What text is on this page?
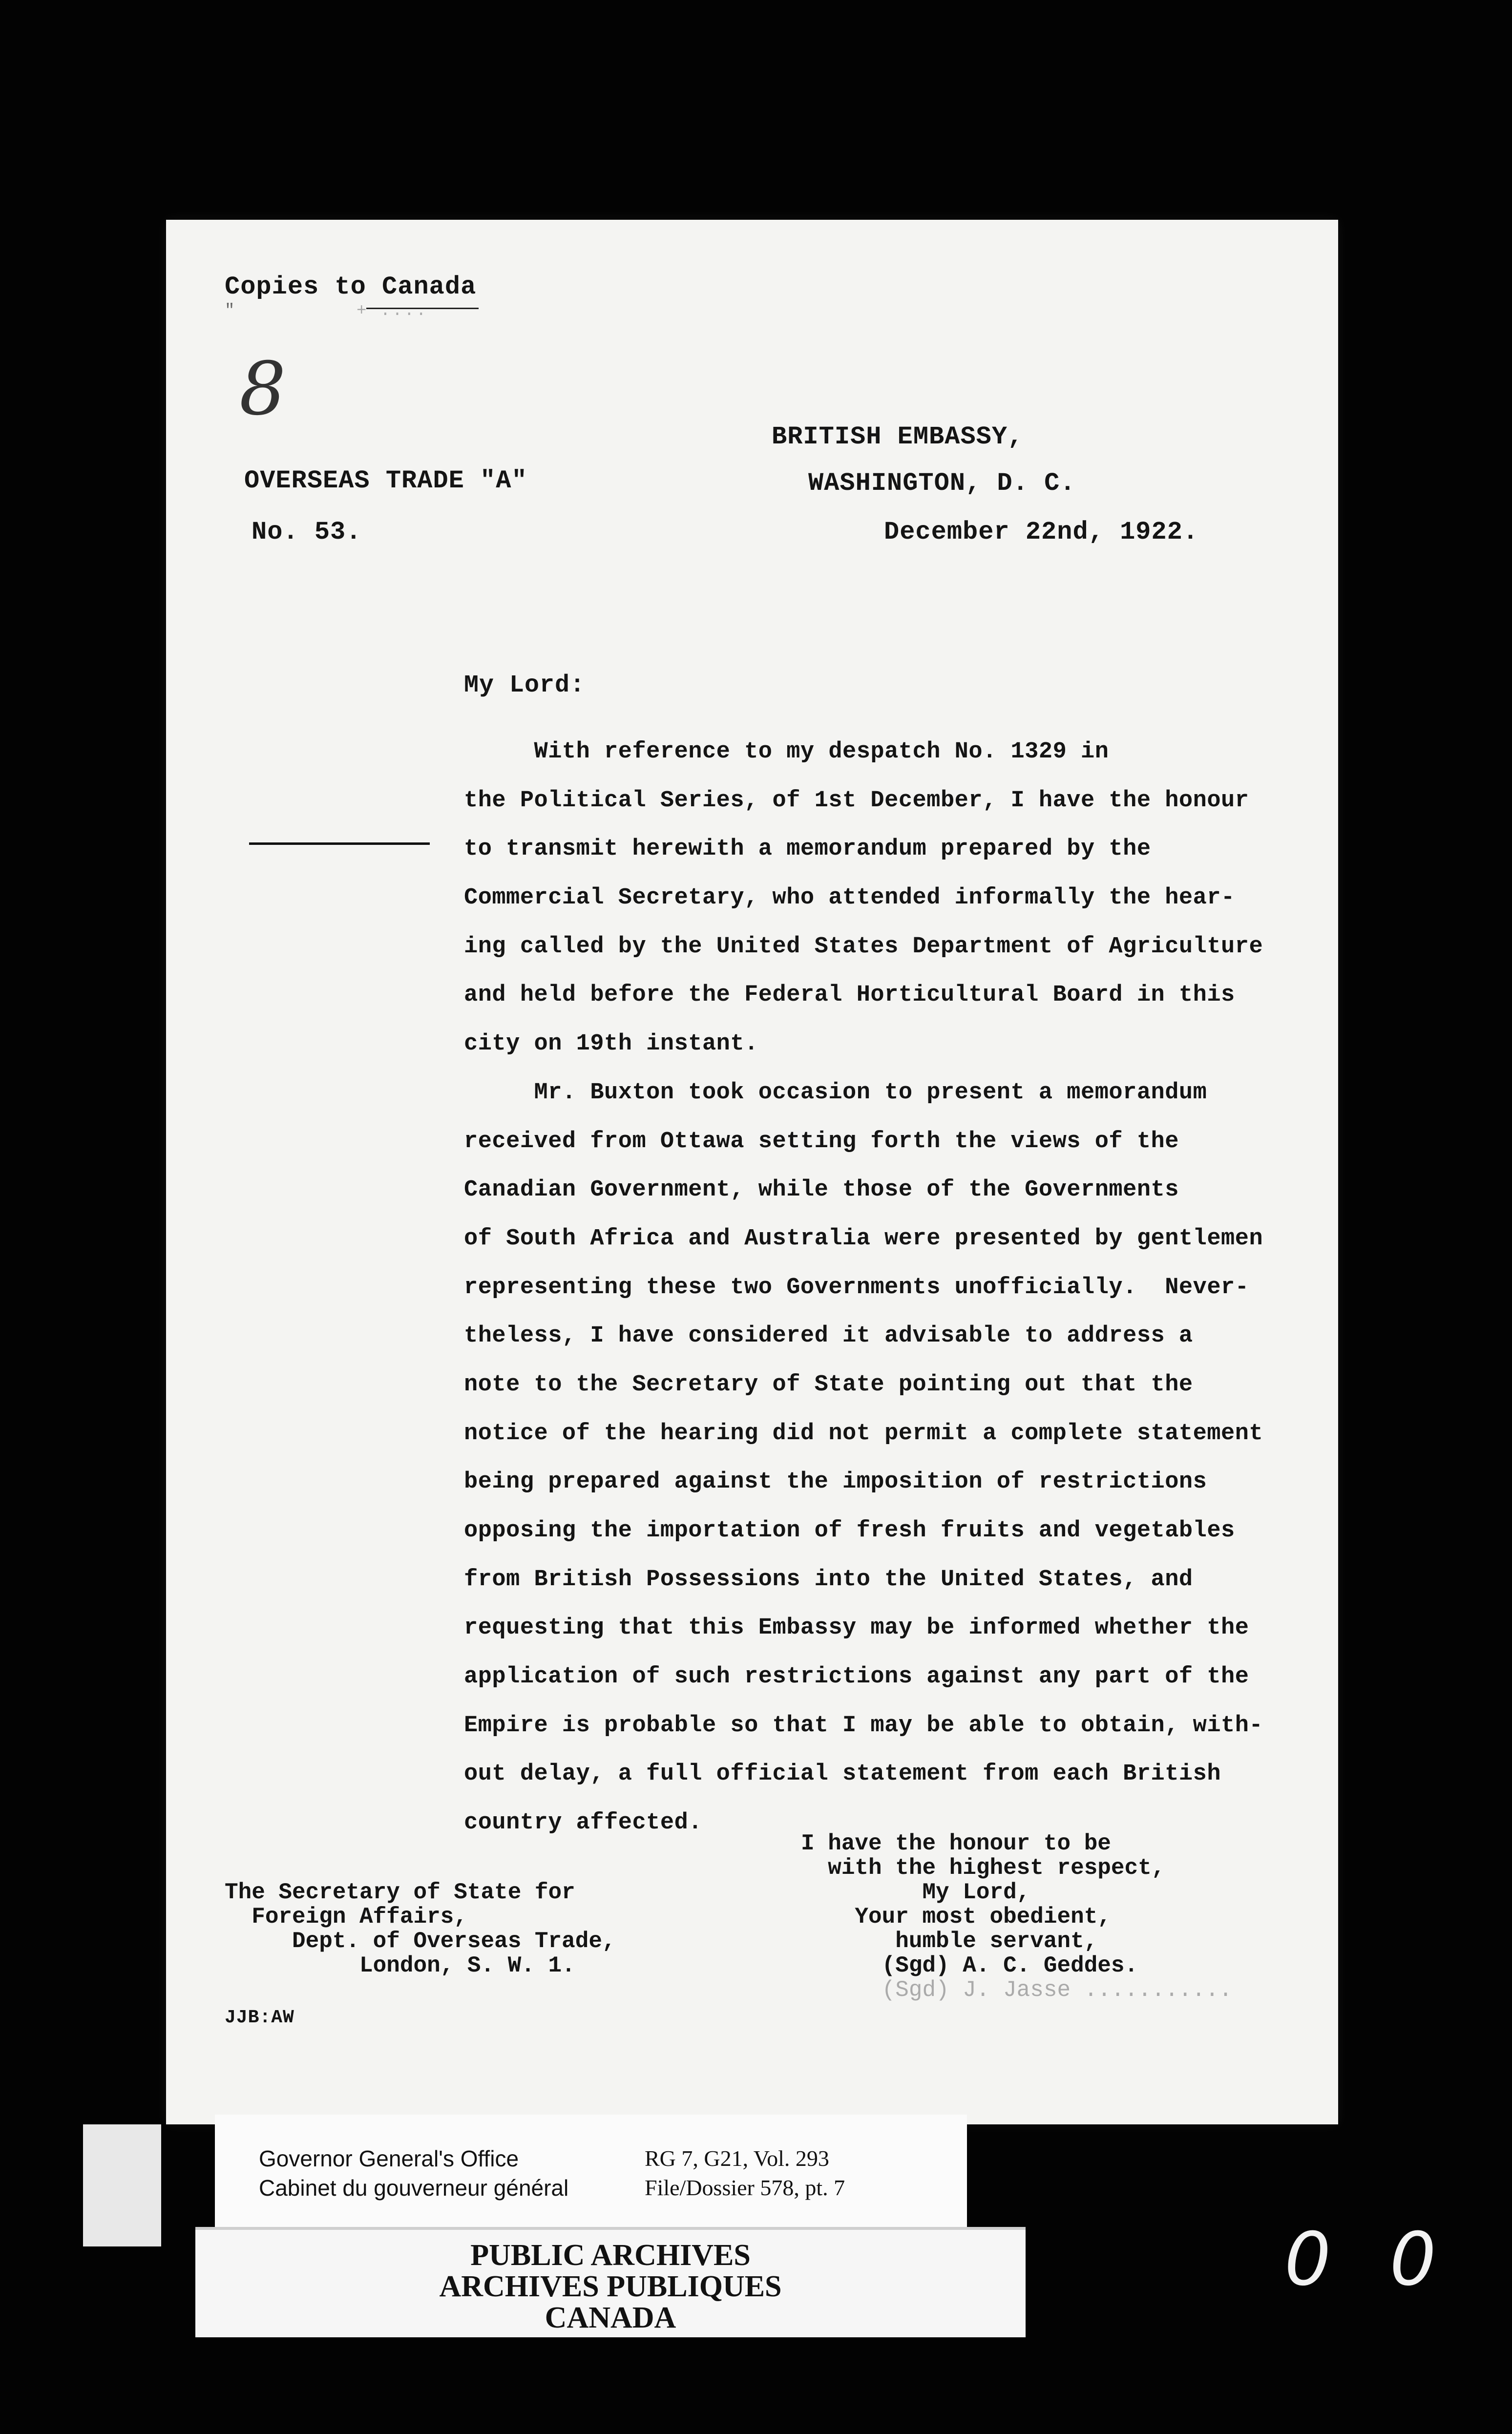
Copies to Canada
"	+ ....
8
BRITISH EMBASSY,
WASHINGTON, D. C.
December 22nd, 1922.
OVERSEAS TRADE "A"
No. 53.
My Lord:
With reference to my despatch No. 1329 in
the Political Series, of 1st December, I have the honour
to transmit herewith a memorandum prepared by the
Commercial Secretary, who attended informally the hear-
ing called by the United States Department of Agriculture
and held before the Federal Horticultural Board in this
city on 19th instant.
Mr. Buxton took occasion to present a memorandum
received from Ottawa setting forth the views of the
Canadian Government, while those of the Governments
of South Africa and Australia were presented by gentlemen
representing these two Governments unofficially.  Never-
theless, I have considered it advisable to address a
note to the Secretary of State pointing out that the
notice of the hearing did not permit a complete statement
being prepared against the imposition of restrictions
opposing the importation of fresh fruits and vegetables
from British Possessions into the United States, and
requesting that this Embassy may be informed whether the
application of such restrictions against any part of the
Empire is probable so that I may be able to obtain, with-
out delay, a full official statement from each British
country affected.
I have the honour to be
with the highest respect,
My Lord,
Your most obedient,
humble servant,
(Sgd) A. C. Geddes.
(Sgd) J. Jasse ...........
The Secretary of State for
Foreign Affairs,
Dept. of Overseas Trade,
London, S. W. 1.
JJB:AW
Governor General's Office
Cabinet du gouverneur général
RG 7, G21, Vol. 293
File/Dossier 578, pt. 7
PUBLIC ARCHIVES
ARCHIVES PUBLIQUES
CANADA
00
